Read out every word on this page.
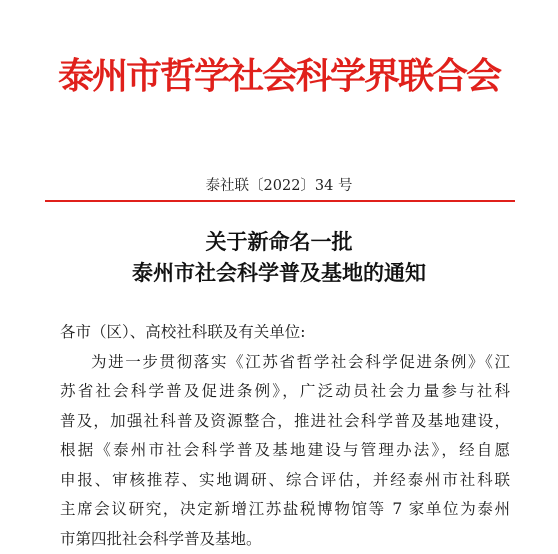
泰州市哲学社会科学界联合会
泰社联〔2022〕34 号
关于新命名一批
泰州市社会科学普及基地的通知
各市（区）、高校社科联及有关单位:
为进一步贯彻落实《江苏省哲学社会科学促进条例》《江
苏省社会科学普及促进条例》，广泛动员社会力量参与社科
普及，加强社科普及资源整合，推进社会科学普及基地建设，
根据《泰州市社会科学普及基地建设与管理办法》，经自愿
申报、审核推荐、实地调研、综合评估，并经泰州市社科联
主席会议研究，决定新增江苏盐税博物馆等 7 家单位为泰州
市第四批社会科学普及基地。
